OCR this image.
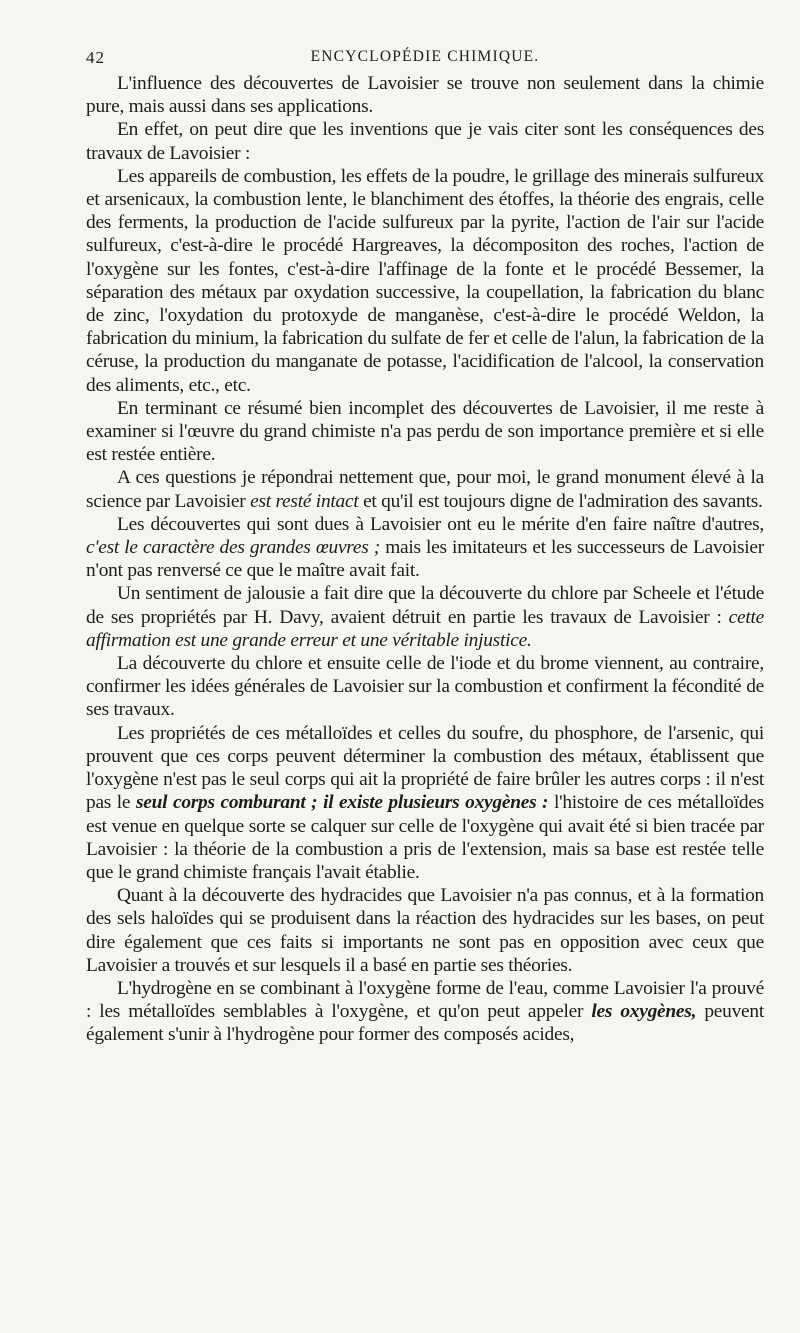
42	ENCYCLOPÉDIE CHIMIQUE.

L'influence des découvertes de Lavoisier se trouve non seulement dans la chimie pure, mais aussi dans ses applications.

En effet, on peut dire que les inventions que je vais citer sont les conséquences des travaux de Lavoisier :

Les appareils de combustion, les effets de la poudre, le grillage des minerais sulfureux et arsenicaux, la combustion lente, le blanchiment des étoffes, la théorie des engrais, celle des ferments, la production de l'acide sulfureux par la pyrite, l'action de l'air sur l'acide sulfureux, c'est-à-dire le procédé Hargreaves, la décompositon des roches, l'action de l'oxygène sur les fontes, c'est-à-dire l'affinage de la fonte et le procédé Bessemer, la séparation des métaux par oxydation successive, la coupellation, la fabrication du blanc de zinc, l'oxydation du protoxyde de manganèse, c'est-à-dire le procédé Weldon, la fabrication du minium, la fabrication du sulfate de fer et celle de l'alun, la fabrication de la céruse, la production du manganate de potasse, l'acidification de l'alcool, la conservation des aliments, etc., etc.

En terminant ce résumé bien incomplet des découvertes de Lavoisier, il me reste à examiner si l'œuvre du grand chimiste n'a pas perdu de son importance première et si elle est restée entière.

A ces questions je répondrai nettement que, pour moi, le grand monument élevé à la science par Lavoisier est resté intact et qu'il est toujours digne de l'admiration des savants.

Les découvertes qui sont dues à Lavoisier ont eu le mérite d'en faire naître d'autres, c'est le caractère des grandes œuvres ; mais les imitateurs et les successeurs de Lavoisier n'ont pas renversé ce que le maître avait fait.

Un sentiment de jalousie a fait dire que la découverte du chlore par Scheele et l'étude de ses propriétés par H. Davy, avaient détruit en partie les travaux de Lavoisier : cette affirmation est une grande erreur et une véritable injustice.

La découverte du chlore et ensuite celle de l'iode et du brome viennent, au contraire, confirmer les idées générales de Lavoisier sur la combustion et confirment la fécondité de ses travaux.

Les propriétés de ces métalloïdes et celles du soufre, du phosphore, de l'arsenic, qui prouvent que ces corps peuvent déterminer la combustion des métaux, établissent que l'oxygène n'est pas le seul corps qui ait la propriété de faire brûler les autres corps : il n'est pas le seul corps comburant ; il existe plusieurs oxygènes : l'histoire de ces métalloïdes est venue en quelque sorte se calquer sur celle de l'oxygène qui avait été si bien tracée par Lavoisier : la théorie de la combustion a pris de l'extension, mais sa base est restée telle que le grand chimiste français l'avait établie.

Quant à la découverte des hydracides que Lavoisier n'a pas connus, et à la formation des sels haloïdes qui se produisent dans la réaction des hydracides sur les bases, on peut dire également que ces faits si importants ne sont pas en opposition avec ceux que Lavoisier a trouvés et sur lesquels il a basé en partie ses théories.

L'hydrogène en se combinant à l'oxygène forme de l'eau, comme Lavoisier l'a prouvé : les métalloïdes semblables à l'oxygène, et qu'on peut appeler les oxygènes, peuvent également s'unir à l'hydrogène pour former des composés acides,
